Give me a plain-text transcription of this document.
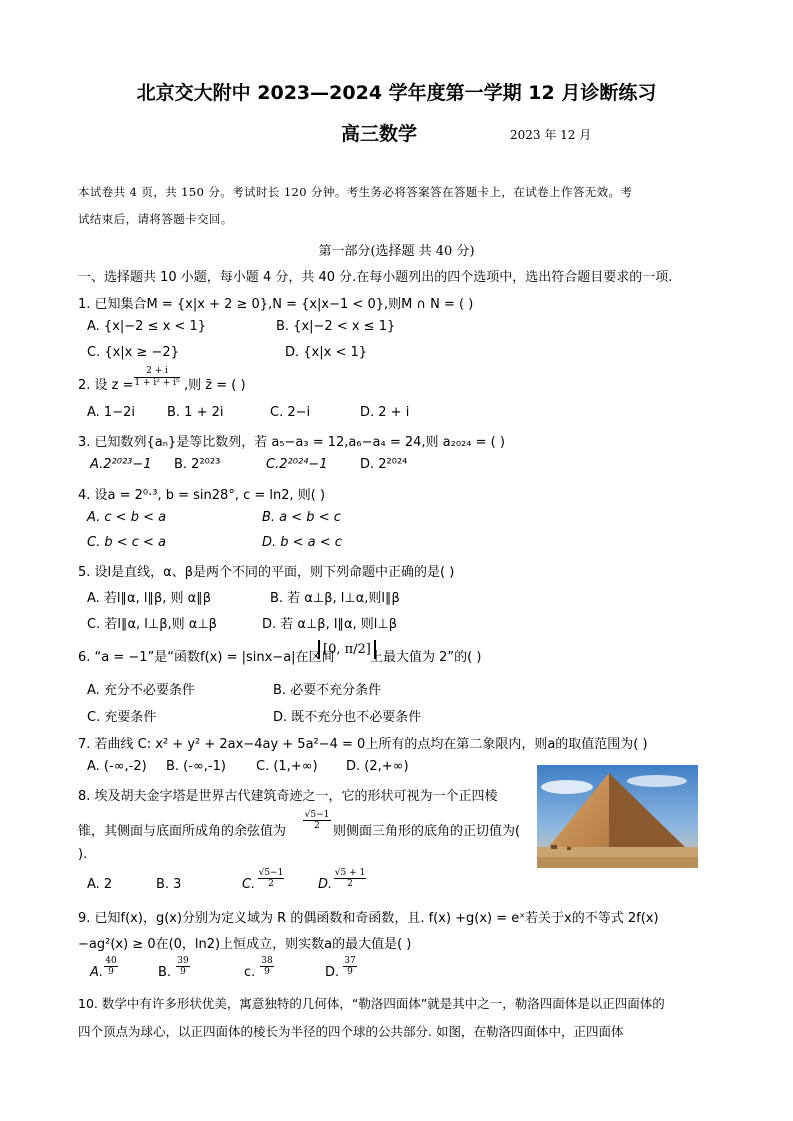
北京交大附中 2023—2024 学年度第一学期 12 月诊断练习
高三数学	2023 年 12 月
本试卷共 4 页，共 150 分。考试时长 120 分钟。考生务必将答案答在答题卡上，在试卷上作答无效。考
试结束后，请将答题卡交回。
第一部分(选择题 共 40 分)
一、选择题共 10 小题，每小题 4 分，共 40 分.在每小题列出的四个选项中，选出符合题目要求的一项.
1. 已知集合M = {x|x + 2 ≥ 0},N = {x|x−1 < 0},则M ∩ N = ( )
A. {x|−2 ≤ x < 1}	B. {x|−2 < x ≤ 1}
C. {x|x ≥ −2}	D. {x|x < 1}
2. 设 $z = \frac{2 + i}{\text{1 + i² + i⁵}}$ ,则 z̄ = ( )
A. 1−2i B. 1 + 2i	C. 2−i	D. 2 + i
3. 已知数列{aₙ}是等比数列，若 a₅−a₃ = 12,a₆−a₄ = 24,则 a₂₀₂₄ = ( )
A.2²⁰²³−1 B. 2²⁰²³	C.2²⁰²⁴−1	D. 2²⁰²⁴
4. 设a = 2⁰·³, b = sin28°, c = ln2, 则( )
A. c < b < a	B. a < b < c
C. b < c < a	D. b < a < c
5. 设l是直线，α、β是两个不同的平面，则下列命题中正确的是( )
A. 若l∥α, l∥β, 则 α∥β	B. 若 α⊥β, l⊥α,则l∥β
C. 若l∥α, l⊥β,则 α⊥β	D. 若 α⊥β, l∥α, 则l⊥β
6. “a = −1”是“函数f(x) = |sinx−a|在区间
[0, π/2]
上最大值为 2”的( )
A. 充分不必要条件	B. 必要不充分条件
C. 充要条件	D. 既不充分也不必要条件
7. 若曲线 C: x² + y² + 2ax−4ay + 5a²−4 = 0上所有的点均在第二象限内，则a的取值范围为( )
A. (-∞,-2) B. (-∞,-1) C. (1,+∞) D. (2,+∞)
8. 埃及胡夫金字塔是世界古代建筑奇迹之一，它的形状可视为一个正四棱
锥，其侧面与底面所成角的余弦值为
$\frac{√5-1}{2}$
则侧面三角形的底角的正切值为(
).
A. 2	B. 3	C. $\frac{√5-1}{2}$	D. $\frac{√5 + 1}{2}$
9. 已知f(x)，g(x)分别为定义域为 R 的偶函数和奇函数，且. f(x) +g(x) = eˣ若关于x的不等式 2f(x)
−ag²(x) ≥ 0在(0，ln2)上恒成立，则实数a的最大值是( )
A. $\frac{40}{9}$	B. $\frac{39}{9}$	c. $\frac{38}{9}$	D. $\frac{37}{9}$
10. 数学中有许多形状优美，寓意独特的几何体，“勒洛四面体”就是其中之一，勒洛四面体是以正四面体的
四个顶点为球心，以正四面体的棱长为半径的四个球的公共部分. 如图，在勒洛四面体中，正四面体
